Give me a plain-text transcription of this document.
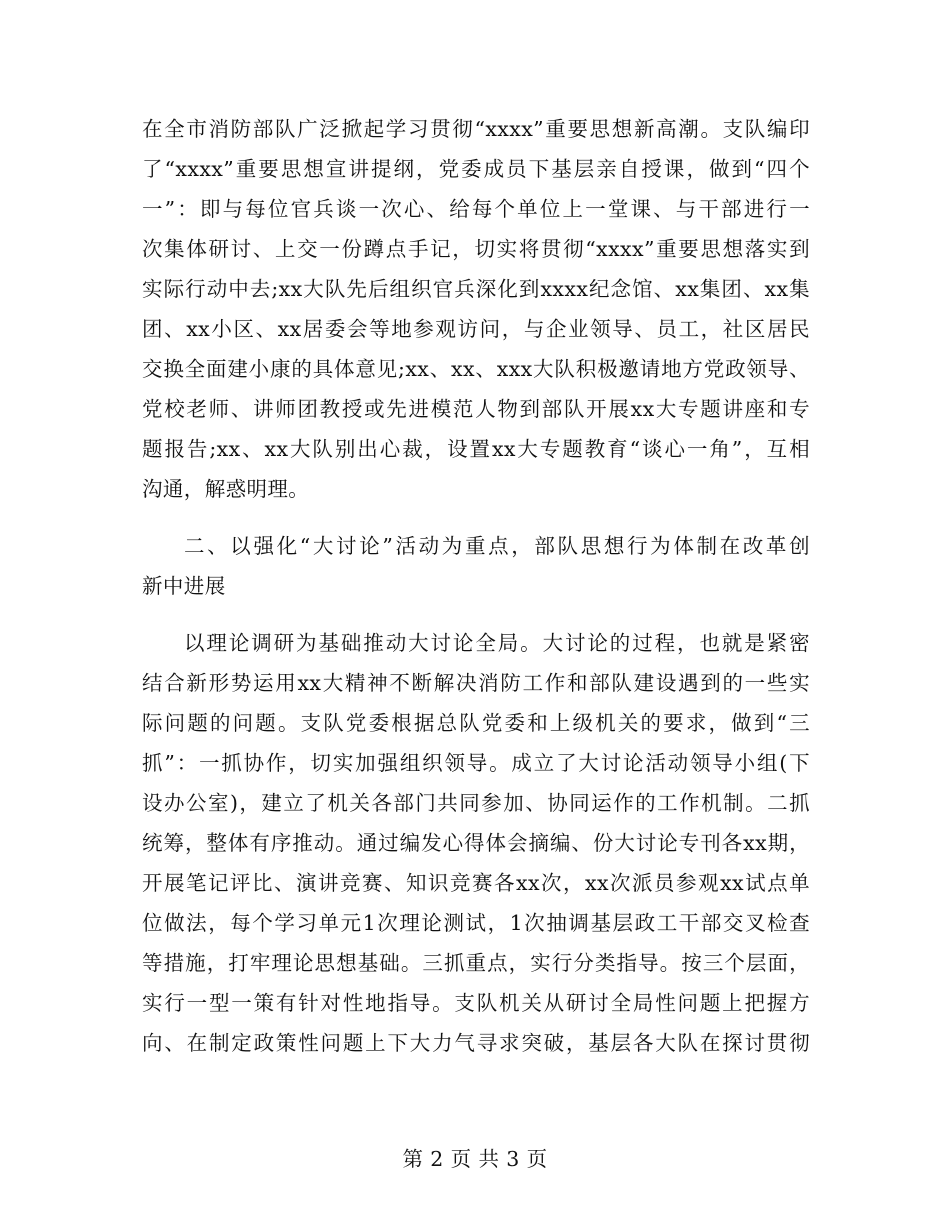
在全市消防部队广泛掀起学习贯彻“xxxx”重要思想新高潮。支队编印
了“xxxx”重要思想宣讲提纲，党委成员下基层亲自授课，做到“四个
一”：即与每位官兵谈一次心、给每个单位上一堂课、与干部进行一
次集体研讨、上交一份蹲点手记，切实将贯彻“xxxx”重要思想落实到
实际行动中去;xx大队先后组织官兵深化到xxxx纪念馆、xx集团、xx集
团、xx小区、xx居委会等地参观访问，与企业领导、员工，社区居民
交换全面建小康的具体意见;xx、xx、xxx大队积极邀请地方党政领导、
党校老师、讲师团教授或先进模范人物到部队开展xx大专题讲座和专
题报告;xx、xx大队别出心裁，设置xx大专题教育“谈心一角”，互相
沟通，解惑明理。
二、以强化“大讨论”活动为重点，部队思想行为体制在改革创
新中进展
以理论调研为基础推动大讨论全局。大讨论的过程，也就是紧密
结合新形势运用xx大精神不断解决消防工作和部队建设遇到的一些实
际问题的问题。支队党委根据总队党委和上级机关的要求，做到“三
抓”：一抓协作，切实加强组织领导。成立了大讨论活动领导小组(下
设办公室)，建立了机关各部门共同参加、协同运作的工作机制。二抓
统筹，整体有序推动。通过编发心得体会摘编、份大讨论专刊各xx期，
开展笔记评比、演讲竞赛、知识竞赛各xx次，xx次派员参观xx试点单
位做法，每个学习单元1次理论测试，1次抽调基层政工干部交叉检查
等措施，打牢理论思想基础。三抓重点，实行分类指导。按三个层面，
实行一型一策有针对性地指导。支队机关从研讨全局性问题上把握方
向、在制定政策性问题上下大力气寻求突破，基层各大队在探讨贯彻
第 2 页 共 3 页
